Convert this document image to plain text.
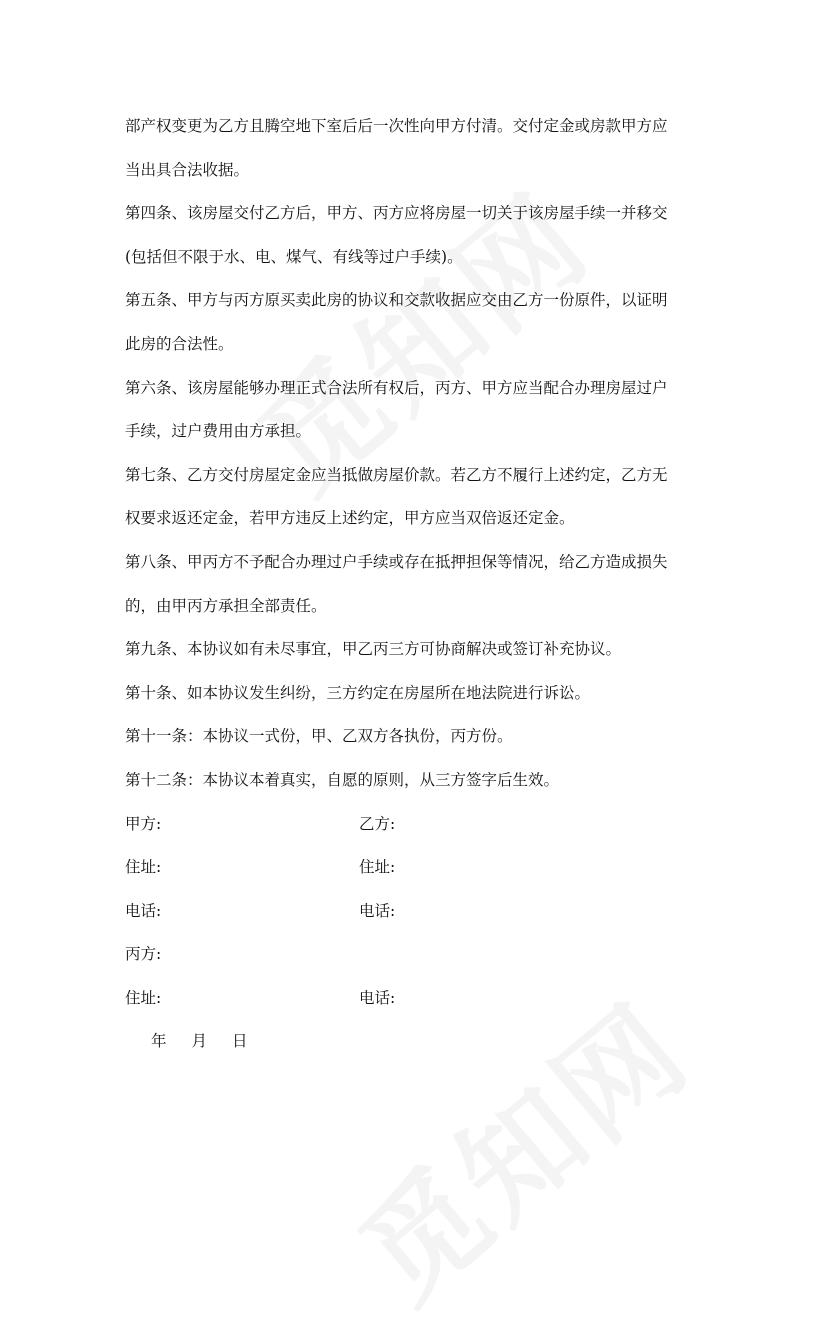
部产权变更为乙方且腾空地下室后后一次性向甲方付清。交付定金或房款甲方应
当出具合法收据。
第四条、该房屋交付乙方后，甲方、丙方应将房屋一切关于该房屋手续一并移交
(包括但不限于水、电、煤气、有线等过户手续)。
第五条、甲方与丙方原买卖此房的协议和交款收据应交由乙方一份原件，以证明
此房的合法性。
第六条、该房屋能够办理正式合法所有权后，丙方、甲方应当配合办理房屋过户
手续，过户费用由方承担。
第七条、乙方交付房屋定金应当抵做房屋价款。若乙方不履行上述约定，乙方无
权要求返还定金，若甲方违反上述约定，甲方应当双倍返还定金。
第八条、甲丙方不予配合办理过户手续或存在抵押担保等情况，给乙方造成损失
的，由甲丙方承担全部责任。
第九条、本协议如有未尽事宜，甲乙丙三方可协商解决或签订补充协议。
第十条、如本协议发生纠纷，三方约定在房屋所在地法院进行诉讼。
第十一条：本协议一式份，甲、乙双方各执份，丙方份。
第十二条：本协议本着真实，自愿的原则，从三方签字后生效。
甲方:	乙方:
住址:	住址:
电话:	电话:
丙方:
住址:	电话:
年 月 日
